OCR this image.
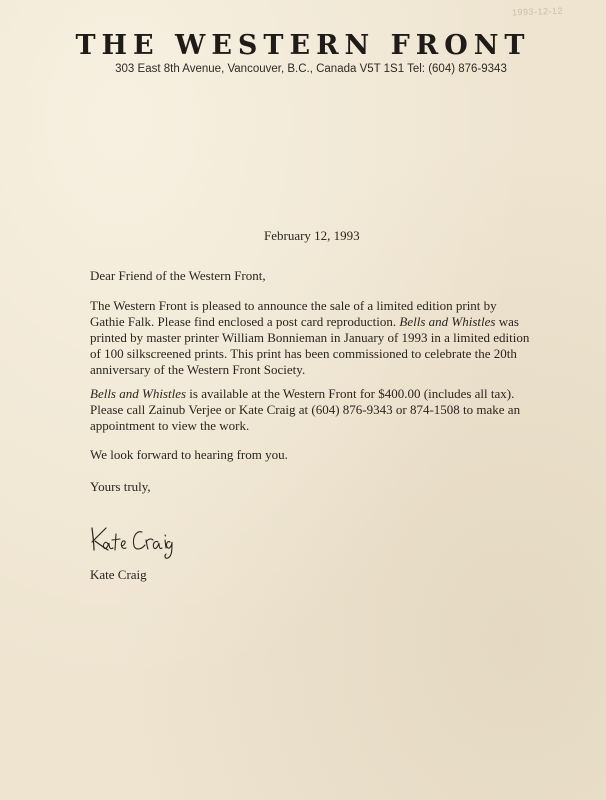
1993-12-12
THE WESTERN FRONT
303 East 8th Avenue, Vancouver, B.C., Canada V5T 1S1 Tel: (604) 876-9343
February 12, 1993
Dear Friend of the Western Front,

The Western Front is pleased to announce the sale of a limited edition print by Gathie Falk. Please find enclosed a post card reproduction. Bells and Whistles was printed by master printer William Bonnieman in January of 1993 in a limited edition of 100 silkscreened prints. This print has been commissioned to celebrate the 20th anniversary of the Western Front Society.

Bells and Whistles is available at the Western Front for $400.00 (includes all tax). Please call Zainub Verjee or Kate Craig at (604) 876-9343 or 874-1508 to make an appointment to view the work.

We look forward to hearing from you.

Yours truly,
Kate Craig
